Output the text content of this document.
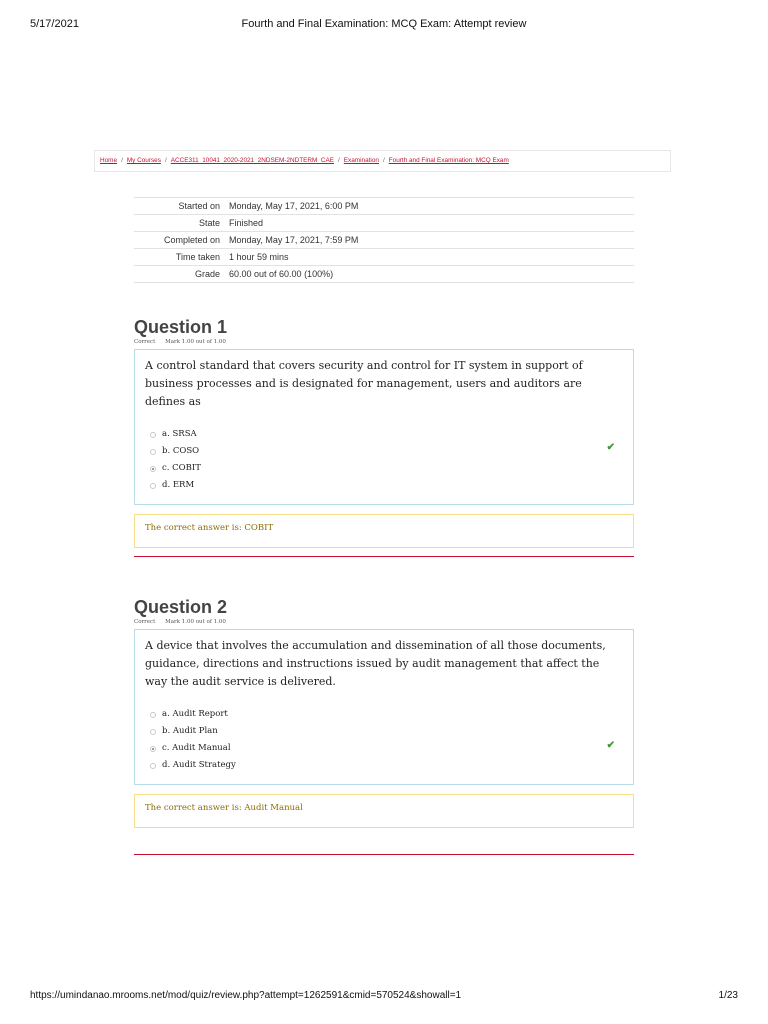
5/17/2021	Fourth and Final Examination: MCQ Exam: Attempt review
Home / My Courses / ACCE311_10041_2020-2021_2NDSEM-2NDTERM_CAE / Examination / Fourth and Final Examination: MCQ Exam
Started on	Monday, May 17, 2021, 6:00 PM
State	Finished
Completed on	Monday, May 17, 2021, 7:59 PM
Time taken	1 hour 59 mins
Grade	60.00 out of 60.00 (100%)
Question 1
Correct Mark 1.00 out of 1.00

A control standard that covers security and control for IT system in support of business processes and is designated for management, users and auditors are defines as

a. SRSA
b. COSO
c. COBIT
d. ERM
✔
The correct answer is: COBIT
Question 2
Correct Mark 1.00 out of 1.00

A device that involves the accumulation and dissemination of all those documents, guidance, directions and instructions issued by audit management that affect the way the audit service is delivered.

a. Audit Report
b. Audit Plan
c. Audit Manual
d. Audit Strategy
✔
The correct answer is: Audit Manual
https://umindanao.mrooms.net/mod/quiz/review.php?attempt=1262591&cmid=570524&showall=1	1/23
